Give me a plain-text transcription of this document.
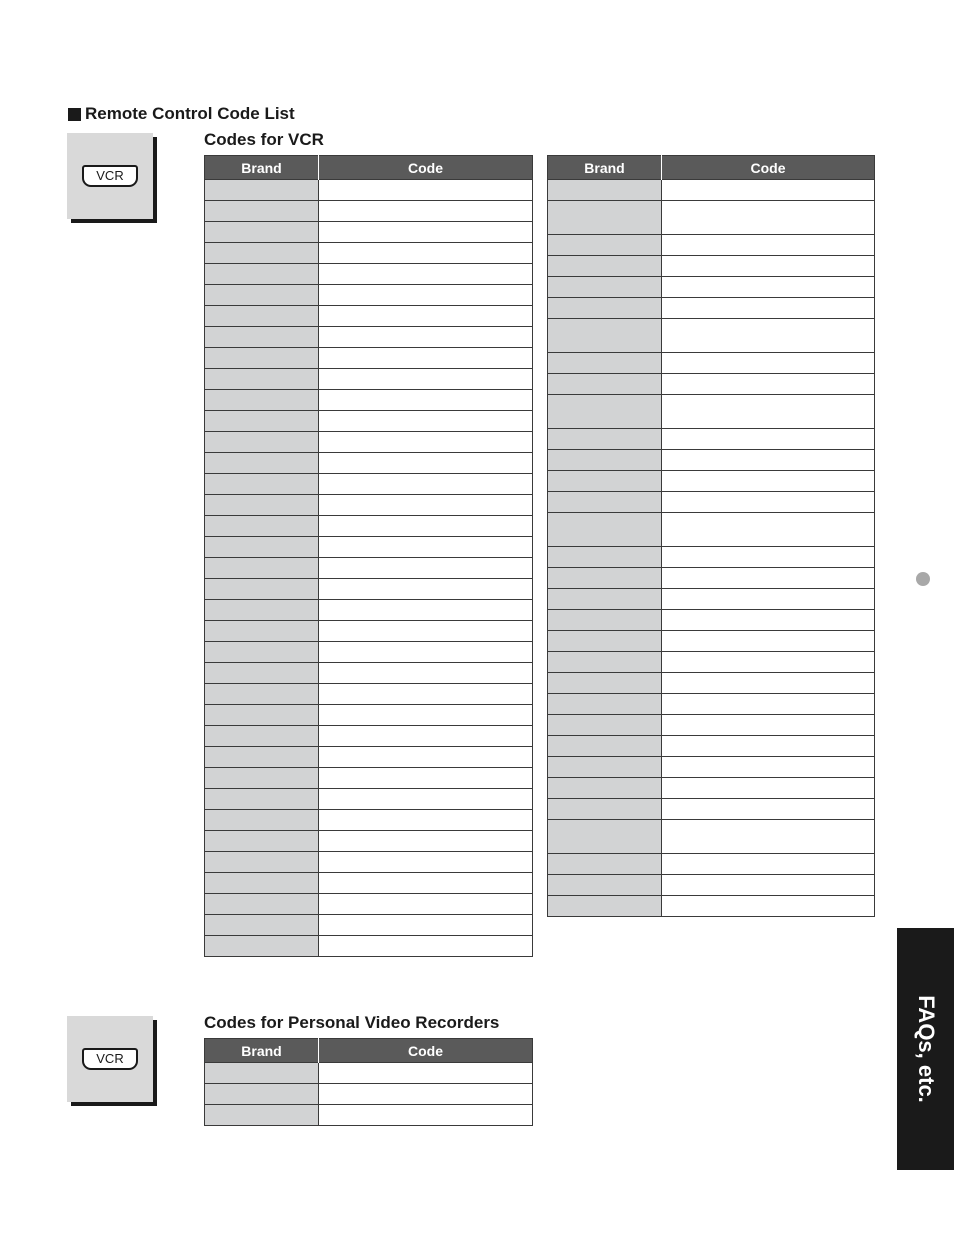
Remote Control Code List
VCR
Codes for VCR
Brand	Code

		Brand	Code

VCR
Codes for Personal Video Recorders
Brand	Code

		FAQs, etc.
